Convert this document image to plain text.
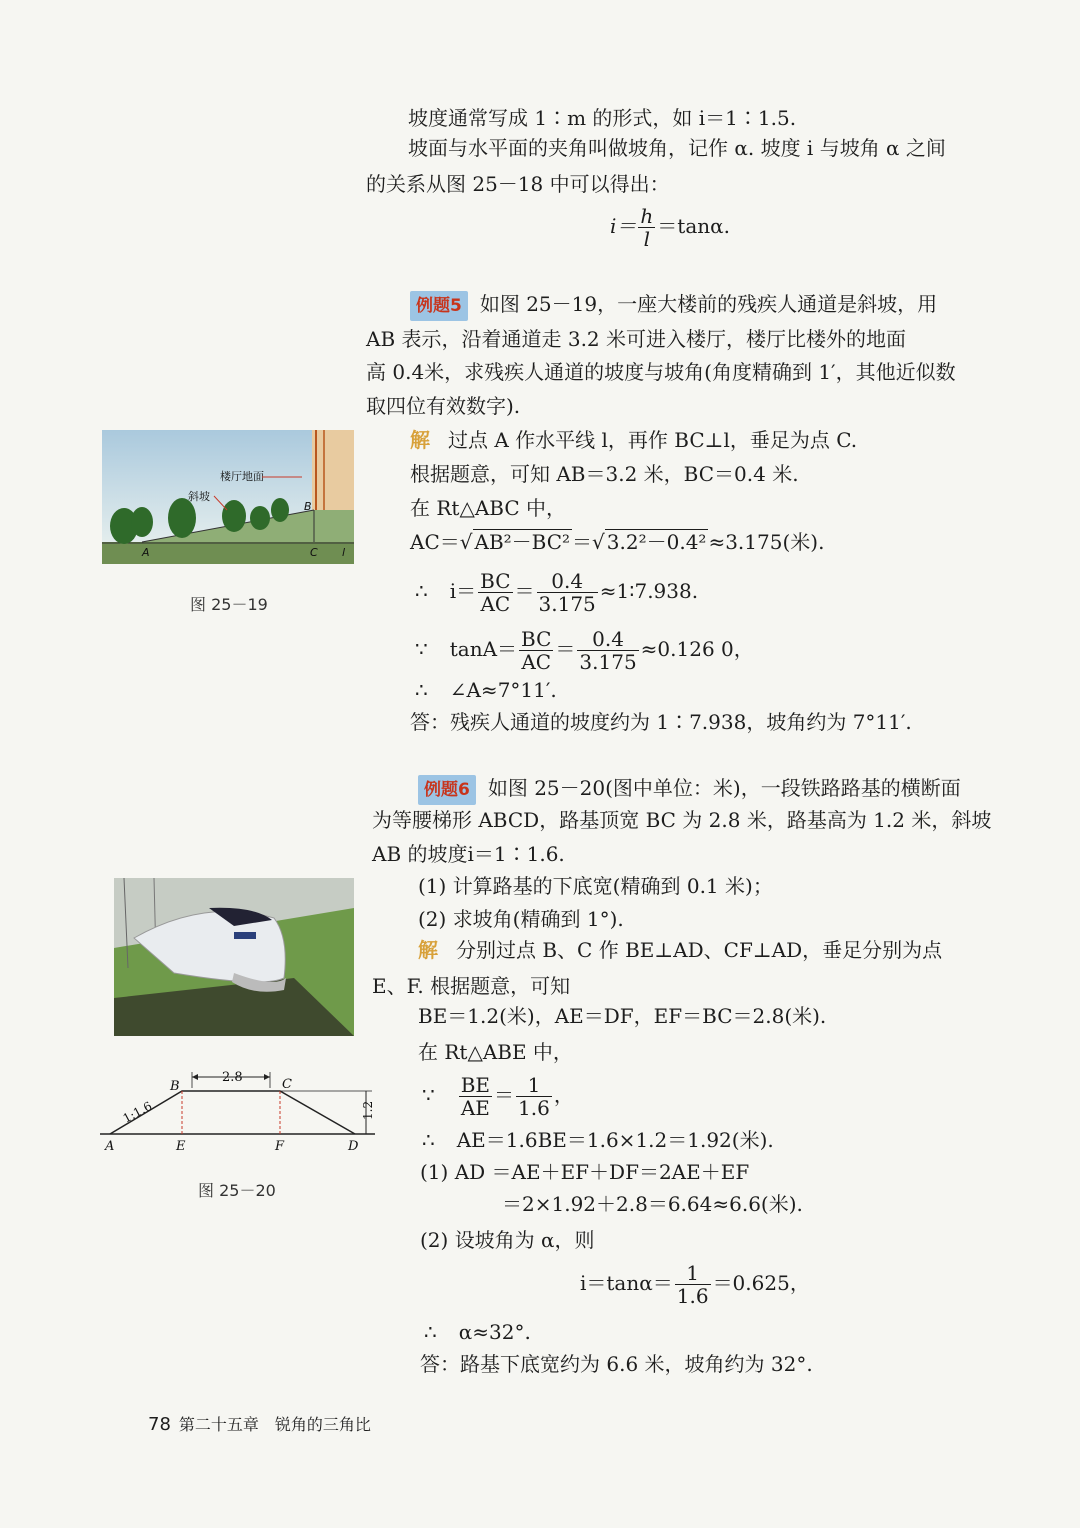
坡度通常写成 1∶m 的形式，如 i＝1∶1.5.
坡面与水平面的夹角叫做坡角，记作 α. 坡度 i 与坡角 α 之间
的关系从图 25－18 中可以得出：
$i= \frac{h}{l} =\tan\alpha$.
例题5 如图 25－19，一座大楼前的残疾人通道是斜坡，用
AB 表示，沿着通道走 3.2 米可进入楼厅，楼厅比楼外的地面
高 0.4米，求残疾人通道的坡度与坡角(角度精确到 1′，其他近似数
取四位有效数字).
解 过点 A 作水平线 l，再作 BC⊥l，垂足为点 C.
根据题意，可知 AB＝3.2 米，BC＝0.4 米.
在 Rt△ABC 中，
AC＝√ AB²－BC² ＝√ 3.2²－0.4² ≈3.175(米).
∴ $i= \frac{BC}{AC} = \frac{0.4}{3.175}$ ≈1∶7.938.
∵ $\tan A= \frac{BC}{AC} = \frac{0.4}{3.175} \approx 0.126$ 0，
∴ ∠A≈7°11′.
答：残疾人通道的坡度约为 1∶7.938，坡角约为 7°11′.
楼厅地面
斜坡
B
A	C l
图 25－19
例题6 如图 25－20(图中单位：米)，一段铁路路基的横断面
为等腰梯形 ABCD，路基顶宽 BC 为 2.8 米，路基高为 1.2 米，斜坡
AB 的坡度i＝1∶1.6.
(1) 计算路基的下底宽(精确到 0.1 米)；
(2) 求坡角(精确到 1°).
解 分别过点 B、C 作 BE⊥AD、CF⊥AD，垂足分别为点
E、F. 根据题意，可知
BE＝1.2(米)，AE＝DF，EF＝BC＝2.8(米).
在 Rt△ABE 中，
∵ $\frac{BE}{AE} = \frac{1}{1.6}$ ，
∴ AE＝1.6BE＝1.6×1.2＝1.92(米).
(1) AD ＝AE＋EF＋DF＝2AE＋EF
＝2×1.92＋2.8＝6.64≈6.6(米).
(2) 设坡角为 α，则
$i=\tan\alpha= \frac{1}{1.6} =0.625$，
∴ α≈32°.
答：路基下底宽约为 6.6 米，坡角约为 32°.
2.8
1:1.6	1.2
A
B	C
D
E	F
图 25－20
78 第二十五章　锐角的三角比
